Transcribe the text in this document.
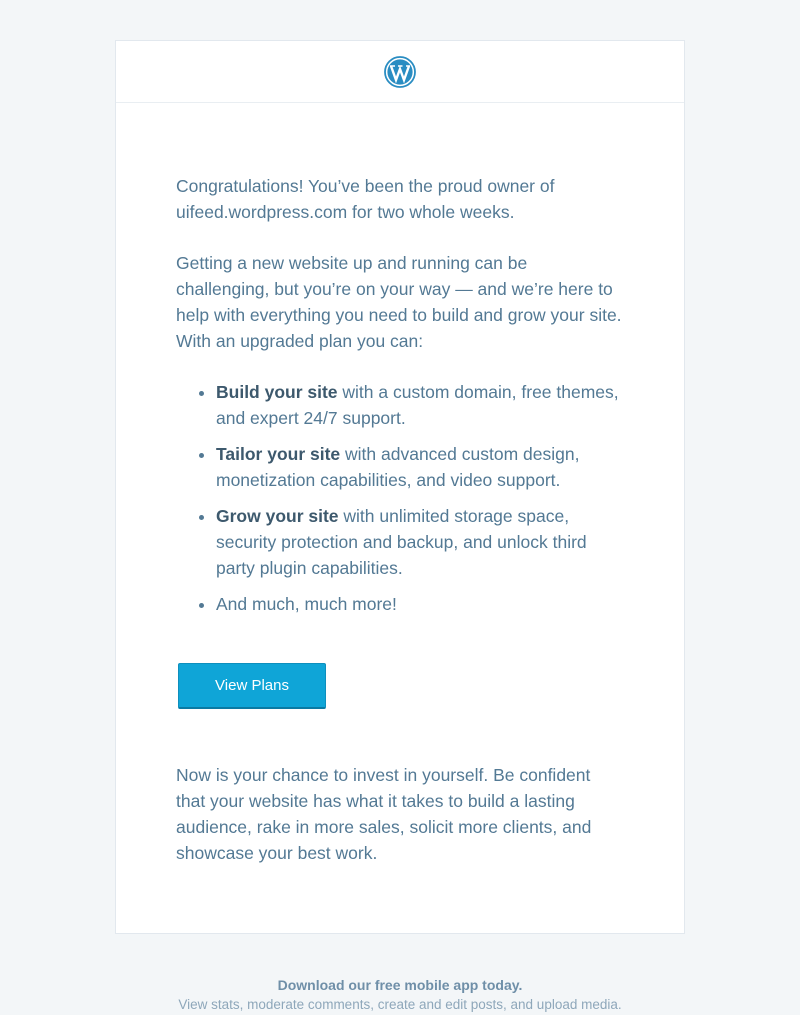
Congratulations! You’ve been the proud owner of uifeed.wordpress.com for two whole weeks.

Getting a new website up and running can be challenging, but you’re on your way — and we’re here to help with everything you need to build and grow your site. With an upgraded plan you can:

• Build your site with a custom domain, free themes, and expert 24/7 support.
• Tailor your site with advanced custom design, monetization capabilities, and video support.
• Grow your site with unlimited storage space, security protection and backup, and unlock third party plugin capabilities.
• And much, much more!
View Plans

Now is your chance to invest in yourself. Be confident that your website has what it takes to build a lasting audience, rake in more sales, solicit more clients, and showcase your best work.

Download our free mobile app today.
View stats, moderate comments, create and edit posts, and upload media.
